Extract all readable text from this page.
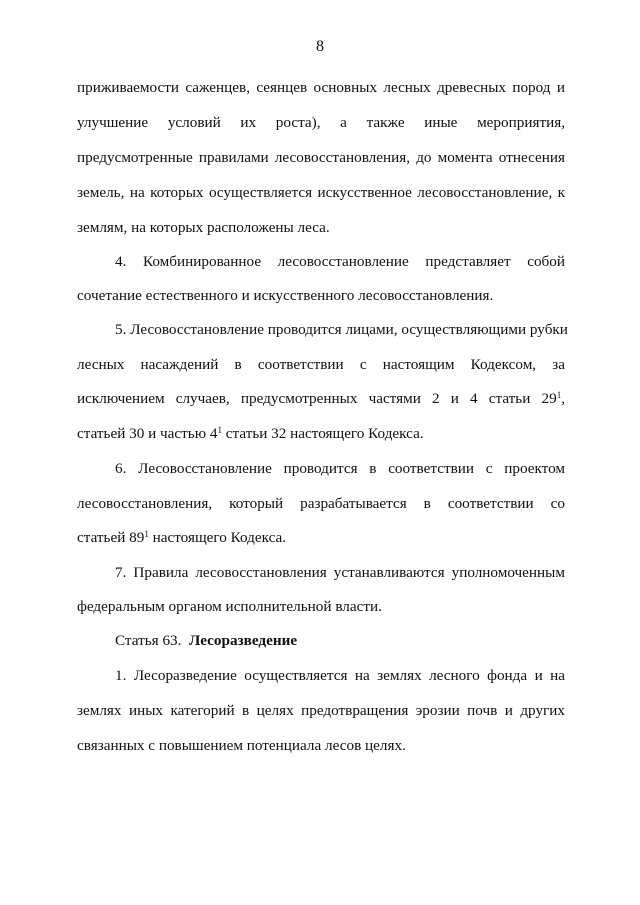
8
приживаемости саженцев, сеянцев основных лесных древесных пород и
улучшение условий их роста), а также иные мероприятия,
предусмотренные правилами лесовосстановления, до момента отнесения
земель, на которых осуществляется искусственное лесовосстановление, к
землям, на которых расположены леса.
4. Комбинированное лесовосстановление представляет собой
сочетание естественного и искусственного лесовосстановления.
5. Лесовосстановление проводится лицами, осуществляющими рубки
лесных насаждений в соответствии с настоящим Кодексом, за
исключением случаев, предусмотренных частями 2 и 4 статьи $29^1$,
статьей 30 и частью $4^1$ статьи 32 настоящего Кодекса.
6. Лесовосстановление проводится в соответствии с проектом
лесовосстановления, который разрабатывается в соответствии со
статьей $89^1$ настоящего Кодекса.
7. Правила лесовосстановления устанавливаются уполномоченным
федеральным органом исполнительной власти.
Статья 63. Лесоразведение
1. Лесоразведение осуществляется на землях лесного фонда и на
землях иных категорий в целях предотвращения эрозии почв и других
связанных с повышением потенциала лесов целях.
